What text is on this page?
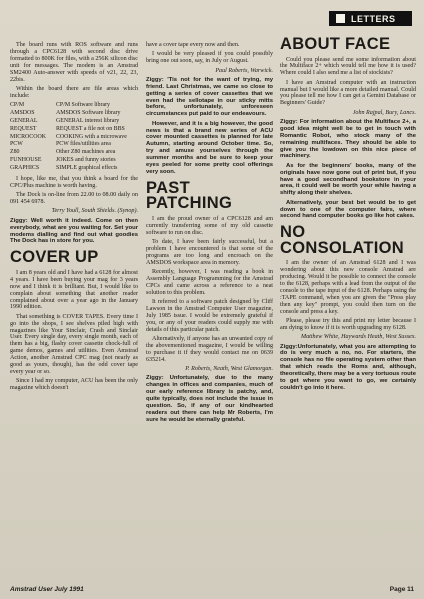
LETTERS

The board runs with ROS software and runs through a CPC6128 with second disc drive formatted to 800K for files, with a 256K silicon disc unit for messages. The modem is an Amstrad SM2400 Auto-answer with speeds of v21, 22, 23, 22bis.

Within the board there are file areas which include:

CP/M	CP/M Software library
AMSDOS	AMSDOS Software library
GENERAL	GENERAL interest library
REQUEST	REQUEST a file not on BBS
MICROCOOK	COOKING with a microwave
PCW	PCW files/utilities area
Z80	Other Z80 machines area
FUNHOUSE	JOKES and funny stories
GRAPHICS	SIMPLE graphical effects

I hope, like me, that you think a board for the CPC/Plus machine is worth having.

The Dock is on-line from 22.00 to 08.00 daily on 091 454 6978.

Terry Youll, South Shields. (Synop).

Ziggy: Well worth it indeed. Come on then everybody, what are you waiting for. Set your modems dialling and find out what goodies The Dock has in store for you.

COVER UP

I am 8 years old and I have had a 6128 for almost 4 years. I have been buying your mag for 3 years now and I think it is brilliant. But, I would like to complain about something that another reader complained about over a year ago in the January 1990 edition.

That something is COVER TAPES. Every time I go into the shops, I see shelves piled high with magazines like Your Sinclair, Crash and Sinclair User. Every single day, every single month, each of them has a big, flashy cover cassette chock-full of game demos, games and utilities. Even Amstrad Action, another Amstrad CPC mag (not nearly as good as yours, though), has the odd cover tape every year or so.

Since I had my computer, ACU has been the only magazine which doesn't

have a cover tape every now and then.

I would be very pleased if you could possibly bring one out soon, say, in July or August.

Paul Roberts, Warwick.

Ziggy: 'Tis not for the want of trying, my friend. Last Christmas, we came so close to getting a series of cover cassettes that we even had the sellotape in our sticky mitts before, unfortunately, unforeseen circumstances put paid to our endeavours.

However, and it is a big however, the good news is that a brand new series of ACU cover mounted cassettes is planned for late Autumn, starting around October time. So, try and amuse yourselves through the summer months and be sure to keep your eyes peeled for some pretty cool offerings very soon.

PAST PATCHING

I am the proud owner of a CPC6128 and am currently transferring some of my old cassette software to run on disc.

To date, I have been fairly successful, but a problem I have encountered is that some of the programs are too long and encroach on the AMSDOS workspace area in memory.

Recently, however, I was reading a book in Assembly Language Programming for the Amstrad CPCs and came across a reference to a neat solution to this problem.

It referred to a software patch designed by Cliff Lawson in the Amstrad Computer User magazine, July 1985 issue. I would be extremely grateful if you, or any of your readers could supply me with details of this particular patch.

Alternatively, if anyone has an unwanted copy of the abovementioned magazine, I would be willing to purchase it if they would contact me on 0639 635214.

P. Roberts, Neath, West Glamorgan.

Ziggy: Unfortunately, due to the many changes in offices and companies, much of our early reference library is patchy, and, quite typically, does not include the issue in question. So, if any of our kindhearted readers out there can help Mr Roberts, I'm sure he would be eternally grateful.

ABOUT FACE

Could you please send me some information about the Multiface 2+ which would tell me how it is used? Where could I also send me a list of stockists?

I have an Amstrad computer with an instruction manual but I would like a more detailed manual. Could you please tell me how I can get a Gemini Database or Beginners' Guide?

John Rajpal, Bury, Lancs.

Ziggy: For information about the Multiface 2+, a good idea might well be to get in touch with Romantic Robot, who stock many of the remaining multifaces. They should be able to give you the lowdown on this nice piece of machinery.

As for the beginners' books, many of the originals have now gone out of print but, if you have a good secondhand bookstore in your area, it could well be worth your while having a shifty along their shelves.

Alternatively, your best bet would be to get down to one of the computer fairs, where second hand computer books go like hot cakes.

NO CONSOLATION

I am the owner of an Amstrad 6128 and I was wondering about this new console Amstrad are producing. Would it be possible to connect the console to the 6128, perhaps with a lead from the output of the console to the tape input of the 6128. Perhaps using the :TAPE command, when you are given the "Press play then any key" prompt, you could then turn on the console and press a key.

Please, please try this and print my letter because I am dying to know if it is worth upgrading my 6128.

Matthew White, Haywards Heath, West Sussex.

Ziggy:Unfortunately, what you are attempting to do is very much a no, no. For starters, the console has no file operating system other than that which reads the Roms and, although, theoretically, there may be a very tortuous route to get where you want to go, we certainly couldn't go into it here.

Amstrad User July 1991	Page 11
